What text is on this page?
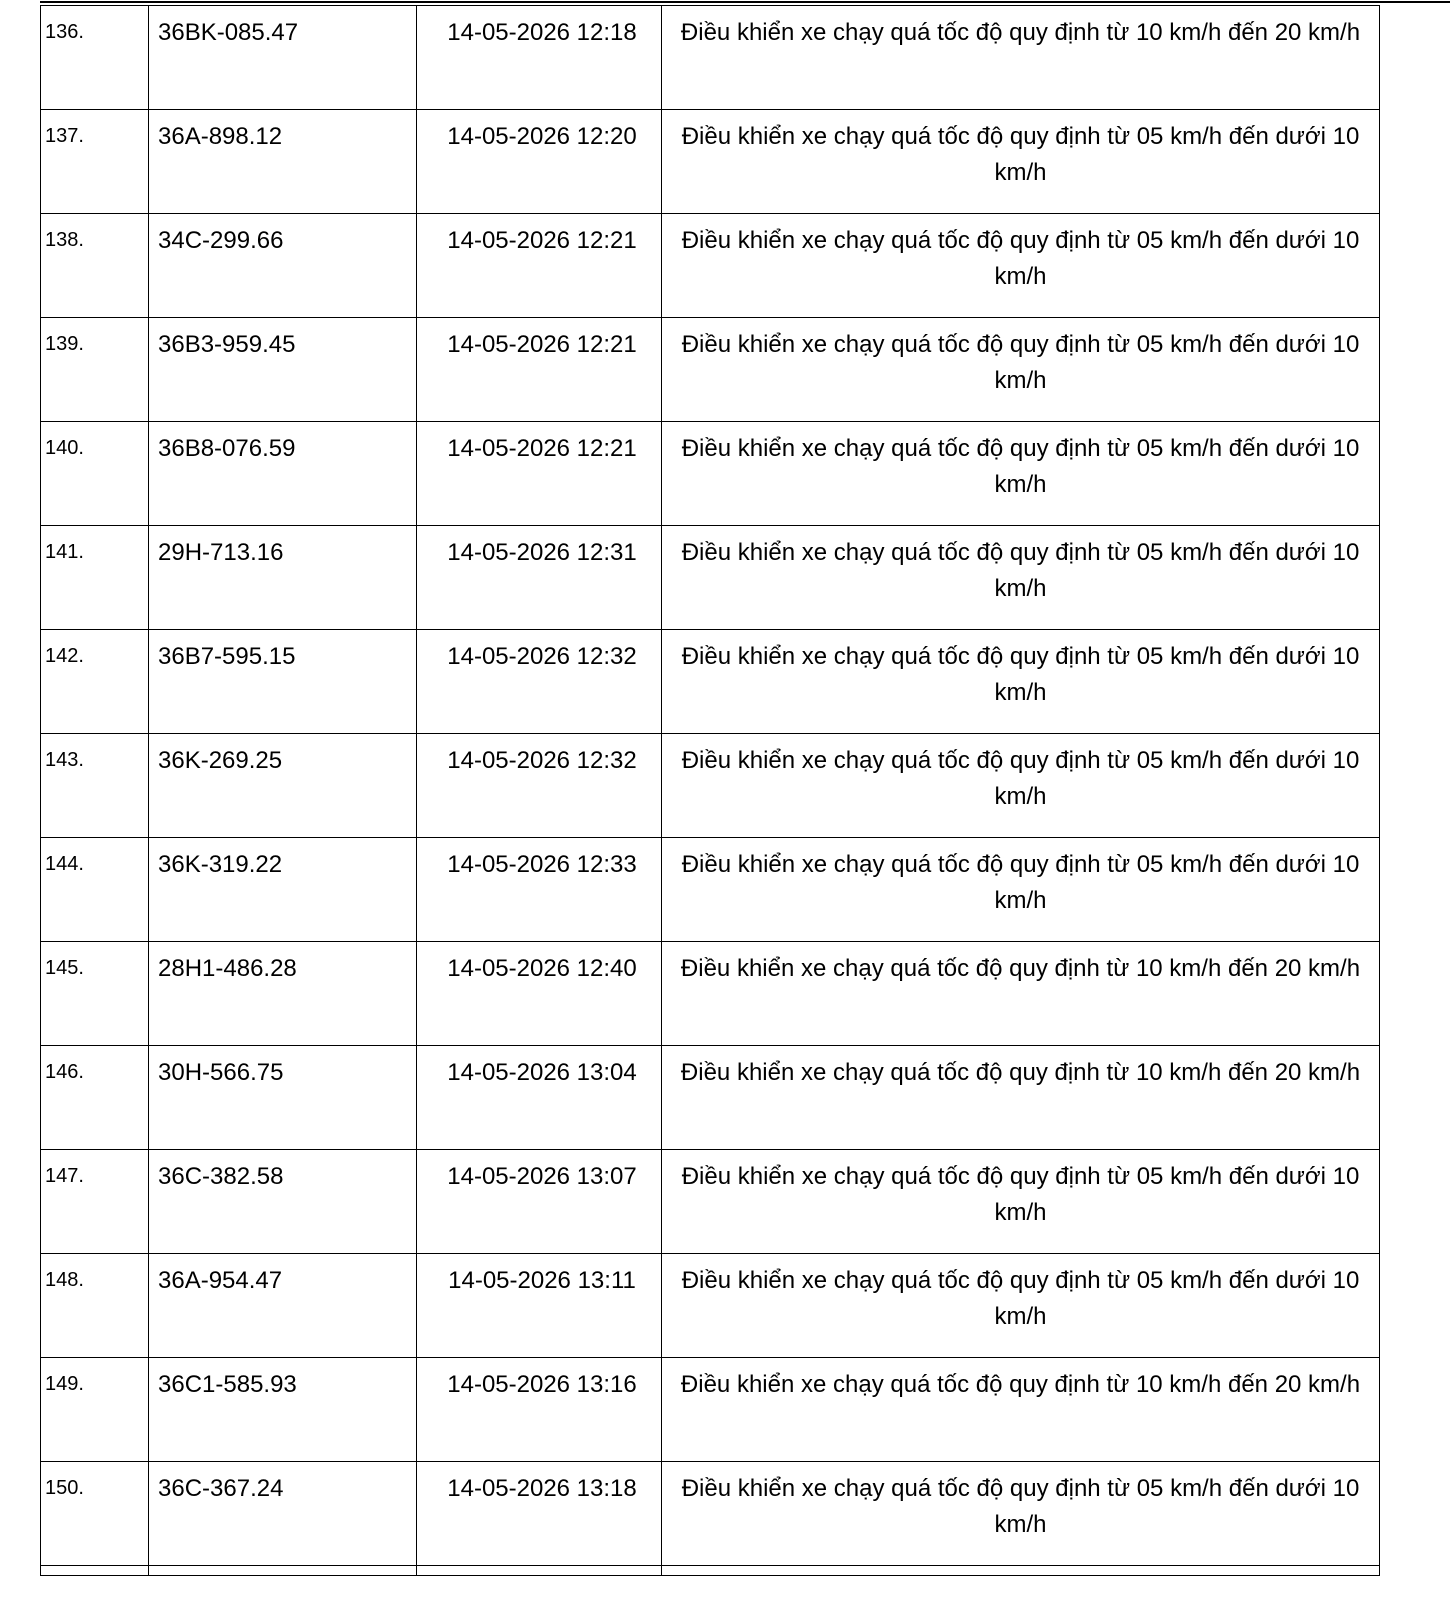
136.	36BK-085.47	14-05-2026 12:18	Điều khiển xe chạy quá tốc độ quy định từ 10 km/h đến 20 km/h
137.	36A-898.12	14-05-2026 12:20	Điều khiển xe chạy quá tốc độ quy định từ 05 km/h đến dưới 10 km/h
138.	34C-299.66	14-05-2026 12:21	Điều khiển xe chạy quá tốc độ quy định từ 05 km/h đến dưới 10 km/h
139.	36B3-959.45	14-05-2026 12:21	Điều khiển xe chạy quá tốc độ quy định từ 05 km/h đến dưới 10 km/h
140.	36B8-076.59	14-05-2026 12:21	Điều khiển xe chạy quá tốc độ quy định từ 05 km/h đến dưới 10 km/h
141.	29H-713.16	14-05-2026 12:31	Điều khiển xe chạy quá tốc độ quy định từ 05 km/h đến dưới 10 km/h
142.	36B7-595.15	14-05-2026 12:32	Điều khiển xe chạy quá tốc độ quy định từ 05 km/h đến dưới 10 km/h
143.	36K-269.25	14-05-2026 12:32	Điều khiển xe chạy quá tốc độ quy định từ 05 km/h đến dưới 10 km/h
144.	36K-319.22	14-05-2026 12:33	Điều khiển xe chạy quá tốc độ quy định từ 05 km/h đến dưới 10 km/h
145.	28H1-486.28	14-05-2026 12:40	Điều khiển xe chạy quá tốc độ quy định từ 10 km/h đến 20 km/h
146.	30H-566.75	14-05-2026 13:04	Điều khiển xe chạy quá tốc độ quy định từ 10 km/h đến 20 km/h
147.	36C-382.58	14-05-2026 13:07	Điều khiển xe chạy quá tốc độ quy định từ 05 km/h đến dưới 10 km/h
148.	36A-954.47	14-05-2026 13:11	Điều khiển xe chạy quá tốc độ quy định từ 05 km/h đến dưới 10 km/h
149.	36C1-585.93	14-05-2026 13:16	Điều khiển xe chạy quá tốc độ quy định từ 10 km/h đến 20 km/h
150.	36C-367.24	14-05-2026 13:18	Điều khiển xe chạy quá tốc độ quy định từ 05 km/h đến dưới 10 km/h
